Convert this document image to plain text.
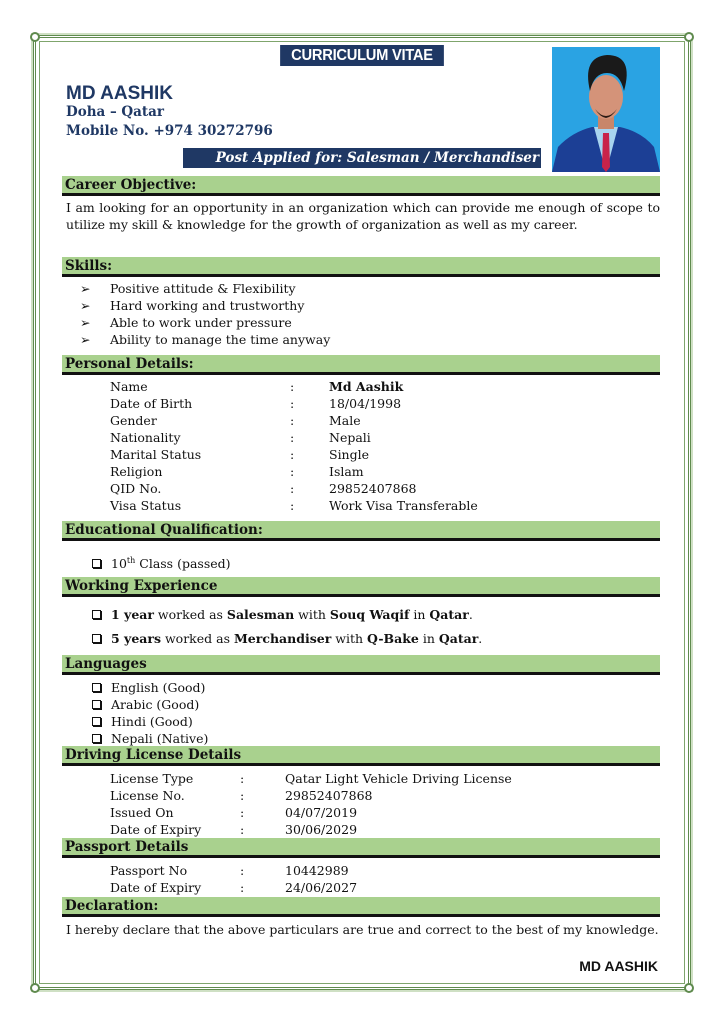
CURRICULUM VITAE
MD AASHIK
Doha – Qatar
Mobile No. +974 30272796
Post Applied for: Salesman / Merchandiser
Career Objective:
I am looking for an opportunity in an organization which can provide me enough of scope to utilize my skill & knowledge for the growth of organization as well as my career.
Skills:
➢ Positive attitude & Flexibility
➢ Hard working and trustworthy
➢ Able to work under pressure
➢ Ability to manage the time anyway
Personal Details:
Name	:	Md Aashik
Date of Birth	:	18/04/1998
Gender	:	Male
Nationality	:	Nepali
Marital Status	:	Single
Religion	:	Islam
QID No.	:	29852407868
Visa Status	:	Work Visa Transferable
Educational Qualification:
10th Class (passed)
Working Experience
1 year worked as Salesman with Souq Waqif in Qatar.
5 years worked as Merchandiser with Q-Bake in Qatar.
Languages
English (Good)
Arabic (Good)
Hindi (Good)
Nepali (Native)
Driving License Details
License Type	:	Qatar Light Vehicle Driving License
License No.	:	29852407868
Issued On	:	04/07/2019
Date of Expiry	:	30/06/2029
Passport Details
Passport No	:	10442989
Date of Expiry	:	24/06/2027
Declaration:
I hereby declare that the above particulars are true and correct to the best of my knowledge.
MD AASHIK
